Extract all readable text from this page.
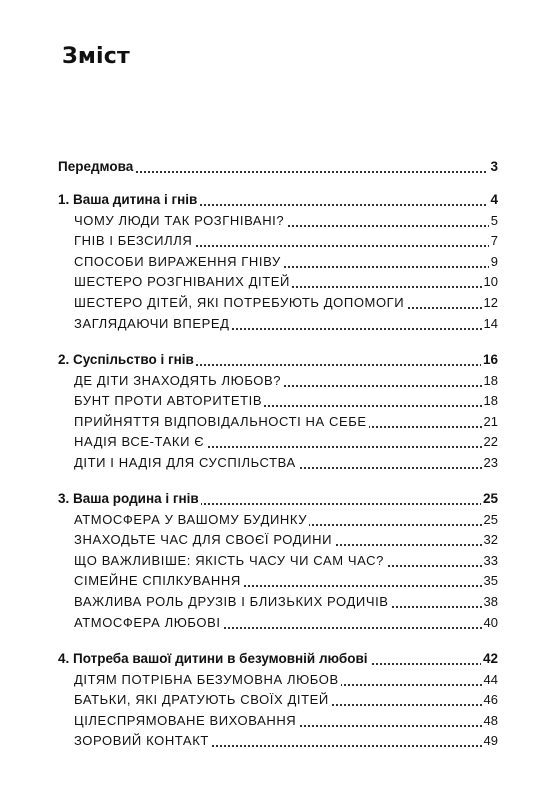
Зміст
Передмова	3
1. Ваша дитина і гнів	4
ЧОМУ ЛЮДИ ТАК РОЗГНІВАНІ?	5
ГНІВ І БЕЗСИЛЛЯ	7
СПОСОБИ ВИРАЖЕННЯ ГНІВУ	9
ШЕСТЕРО РОЗГНІВАНИХ ДІТЕЙ	10
ШЕСТЕРО ДІТЕЙ, ЯКІ ПОТРЕБУЮТЬ ДОПОМОГИ	12
ЗАГЛЯДАЮЧИ ВПЕРЕД	14
2. Суспільство і гнів	16
ДЕ ДІТИ ЗНАХОДЯТЬ ЛЮБОВ?	18
БУНТ ПРОТИ АВТОРИТЕТІВ	18
ПРИЙНЯТТЯ ВІДПОВІДАЛЬНОСТІ НА СЕБЕ	21
НАДІЯ ВСЕ-ТАКИ Є	22
ДІТИ І НАДІЯ ДЛЯ СУСПІЛЬСТВА	23
3. Ваша родина і гнів	25
АТМОСФЕРА У ВАШОМУ БУДИНКУ	25
ЗНАХОДЬТЕ ЧАС ДЛЯ СВОЄЇ РОДИНИ	32
ЩО ВАЖЛИВІШЕ: ЯКІСТЬ ЧАСУ ЧИ САМ ЧАС?	33
СІМЕЙНЕ СПІЛКУВАННЯ	35
ВАЖЛИВА РОЛЬ ДРУЗІВ І БЛИЗЬКИХ РОДИЧІВ	38
АТМОСФЕРА ЛЮБОВІ	40
4. Потреба вашої дитини в безумовній любові	42
ДІТЯМ ПОТРІБНА БЕЗУМОВНА ЛЮБОВ	44
БАТЬКИ, ЯКІ ДРАТУЮТЬ СВОЇХ ДІТЕЙ	46
ЦІЛЕСПРЯМОВАНЕ ВИХОВАННЯ	48
ЗОРОВИЙ КОНТАКТ	49
